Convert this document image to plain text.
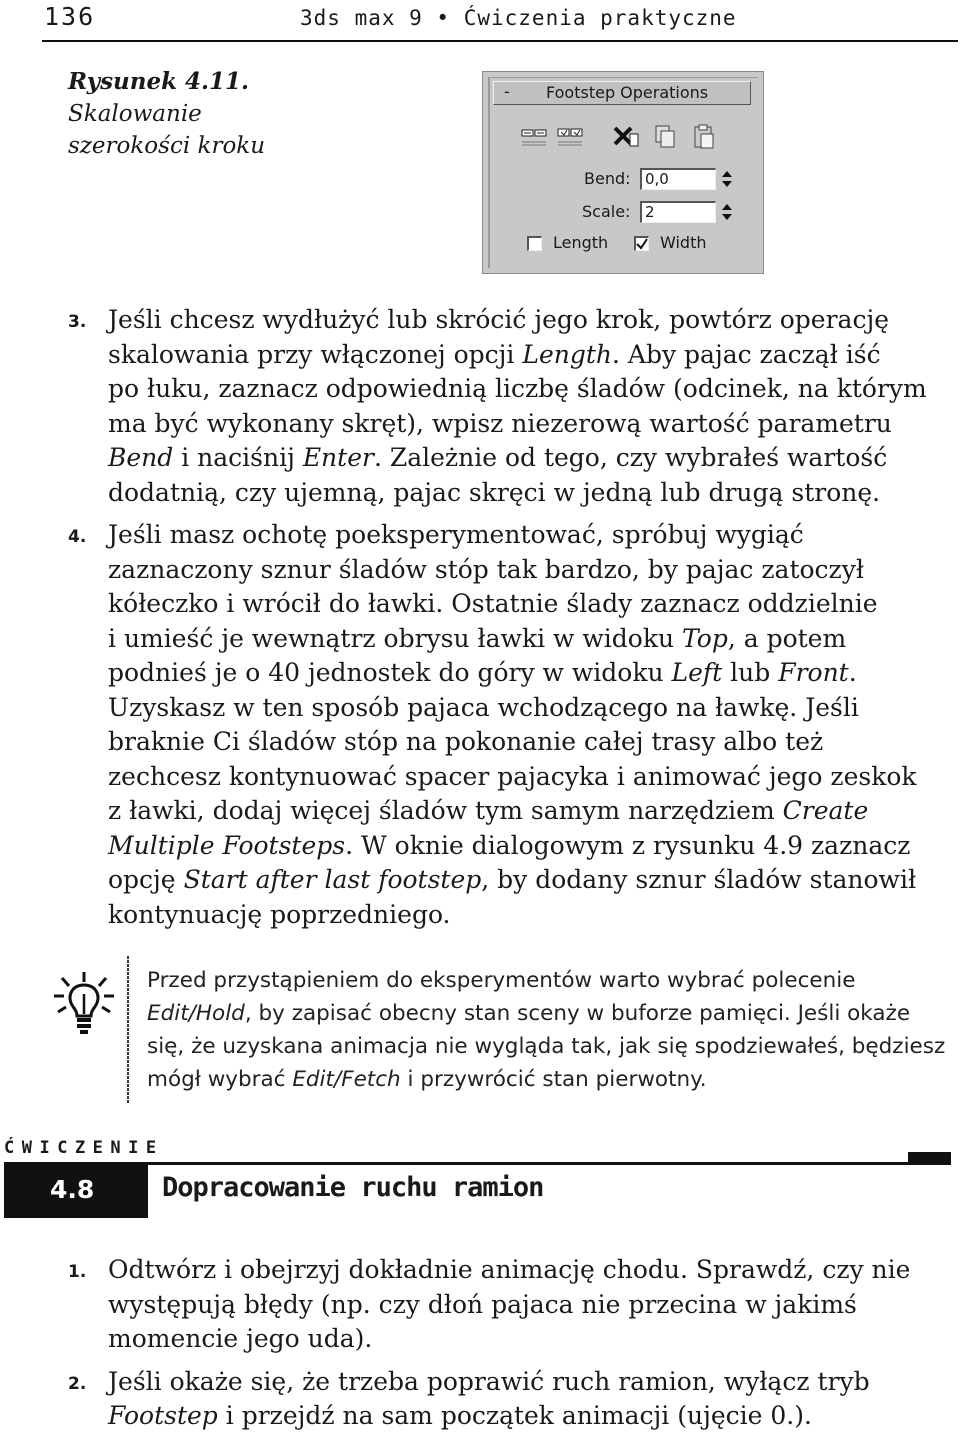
136	3ds max 9 • Ćwiczenia praktyczne
Rysunek 4.11.
Skalowanie
szerokości kroku
- Footstep Operations
Bend: 0,0
Scale: 2
Length	Width
3. Jeśli chcesz wydłużyć lub skrócić jego krok, powtórz operację
skalowania przy włączonej opcji Length. Aby pajac zaczął iść
po łuku, zaznacz odpowiednią liczbę śladów (odcinek, na którym
ma być wykonany skręt), wpisz niezerową wartość parametru
Bend i naciśnij Enter. Zależnie od tego, czy wybrałeś wartość
dodatnią, czy ujemną, pajac skręci w jedną lub drugą stronę.
4. Jeśli masz ochotę poeksperymentować, spróbuj wygiąć
zaznaczony sznur śladów stóp tak bardzo, by pajac zatoczył
kółeczko i wrócił do ławki. Ostatnie ślady zaznacz oddzielnie
i umieść je wewnątrz obrysu ławki w widoku Top, a potem
podnieś je o 40 jednostek do góry w widoku Left lub Front.
Uzyskasz w ten sposób pajaca wchodzącego na ławkę. Jeśli
braknie Ci śladów stóp na pokonanie całej trasy albo też
zechcesz kontynuować spacer pajacyka i animować jego zeskok
z ławki, dodaj więcej śladów tym samym narzędziem Create
Multiple Footsteps. W oknie dialogowym z rysunku 4.9 zaznacz
opcję Start after last footstep, by dodany sznur śladów stanowił
kontynuację poprzedniego.
Przed przystąpieniem do eksperymentów warto wybrać polecenie
Edit/Hold, by zapisać obecny stan sceny w buforze pamięci. Jeśli okaże
się, że uzyskana animacja nie wygląda tak, jak się spodziewałeś, będziesz
mógł wybrać Edit/Fetch i przywrócić stan pierwotny.
ĆWICZENIE
4.8	Dopracowanie ruchu ramion
1. Odtwórz i obejrzyj dokładnie animację chodu. Sprawdź, czy nie
występują błędy (np. czy dłoń pajaca nie przecina w jakimś
momencie jego uda).
2. Jeśli okaże się, że trzeba poprawić ruch ramion, wyłącz tryb
Footstep i przejdź na sam początek animacji (ujęcie 0.).
